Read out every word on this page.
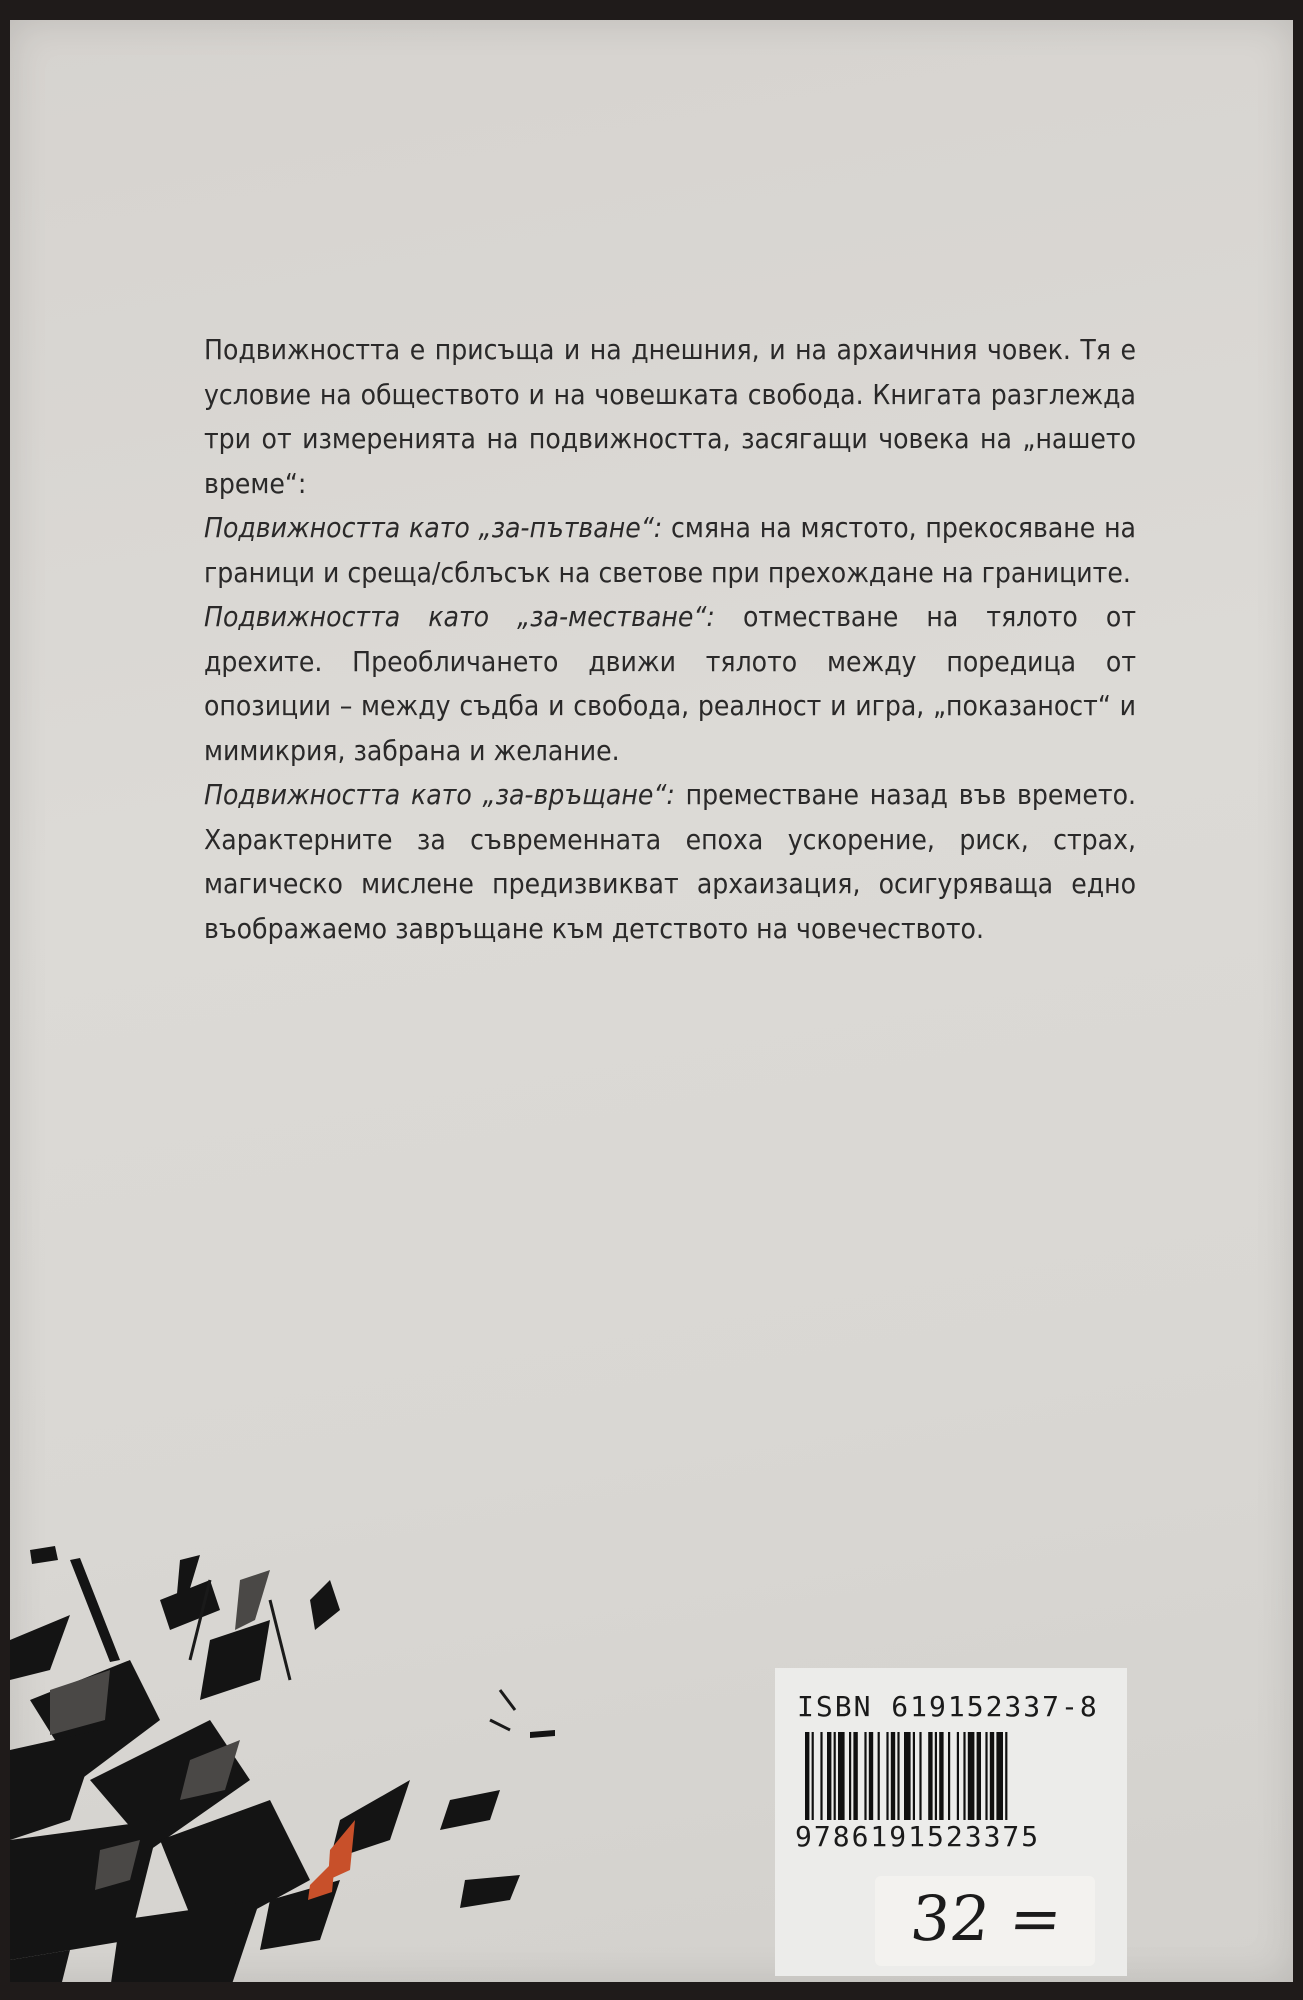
Подвижността е присъща и на днешния, и на архаичния човек. Тя е условие на обществото и на човешката свобода. Книгата разглежда три от измеренията на подвижността, засягащи човека на „нашето време“:

Подвижността като „за-пътване“: смяна на мястото, прекосяване на граници и среща/сблъсък на светове при прехождане на границите.

Подвижността като „за-местване“: отместване на тялото от дрехите. Преобличането движи тялото между поредица от опозиции – между съдба и свобода, реалност и игра, „показаност“ и мимикрия, забрана и желание.

Подвижността като „за-връщане“: преместване назад във времето. Характерните за съвременната епоха ускорение, риск, страх, магическо мислене предизвикват архаизация, осигуряваща едно въображаемо завръщане към детството на човечеството.

ISBN 619152337-8
9786191523375
32 =
